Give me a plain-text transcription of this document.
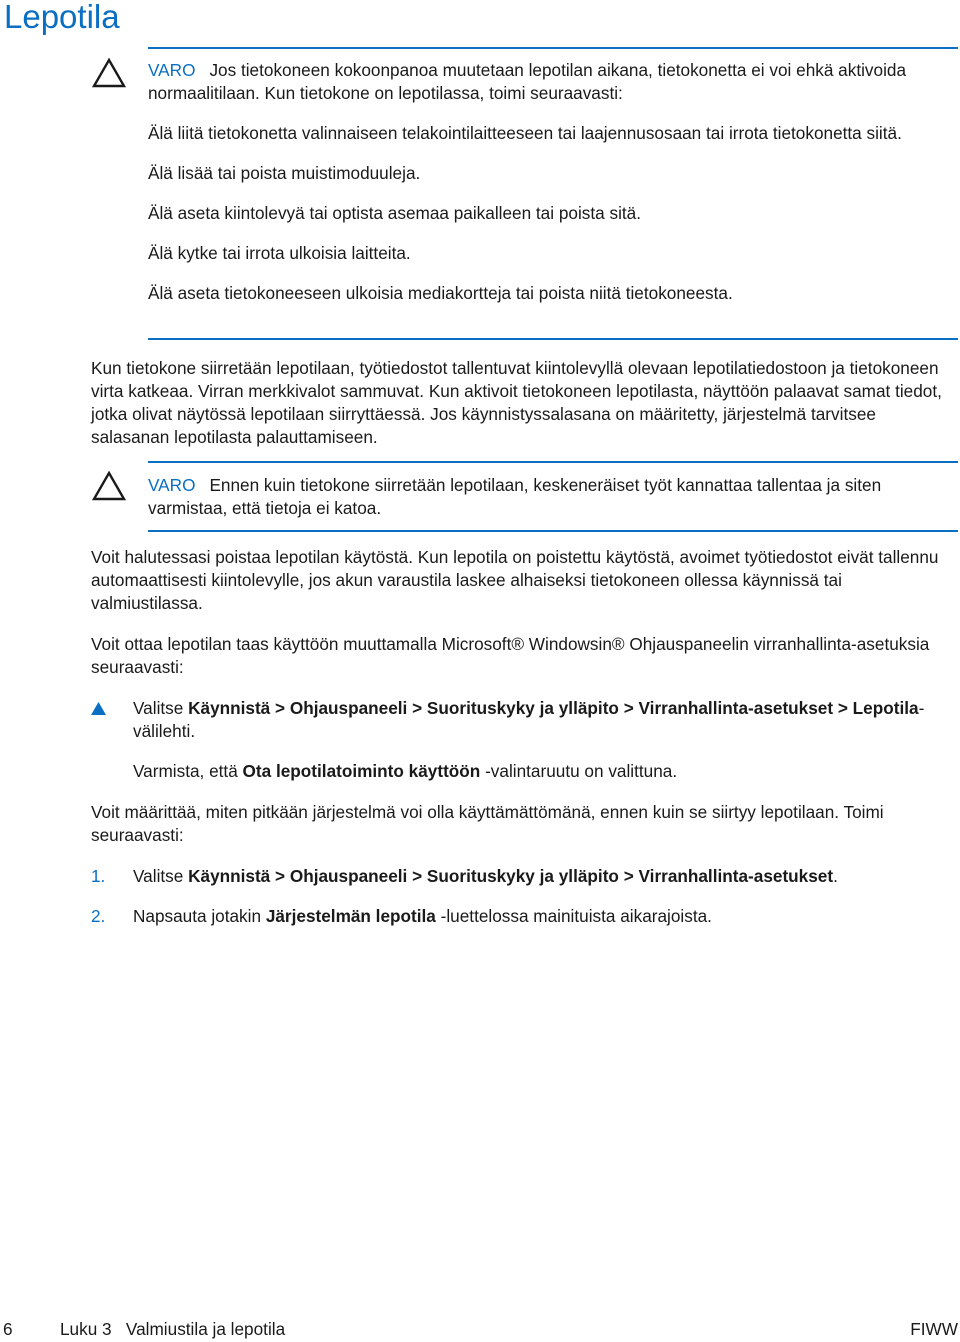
Lepotila

VARO Jos tietokoneen kokoonpanoa muutetaan lepotilan aikana, tietokonetta ei voi ehkä aktivoida normaalitilaan. Kun tietokone on lepotilassa, toimi seuraavasti:

Älä liitä tietokonetta valinnaiseen telakointilaitteeseen tai laajennusosaan tai irrota tietokonetta siitä.

Älä lisää tai poista muistimoduuleja.

Älä aseta kiintolevyä tai optista asemaa paikalleen tai poista sitä.

Älä kytke tai irrota ulkoisia laitteita.

Älä aseta tietokoneeseen ulkoisia mediakortteja tai poista niitä tietokoneesta.

Kun tietokone siirretään lepotilaan, työtiedostot tallentuvat kiintolevyllä olevaan lepotilatiedostoon ja tietokoneen virta katkeaa. Virran merkkivalot sammuvat. Kun aktivoit tietokoneen lepotilasta, näyttöön palaavat samat tiedot, jotka olivat näytössä lepotilaan siirryttäessä. Jos käynnistyssalasana on määritetty, järjestelmä tarvitsee salasanan lepotilasta palauttamiseen.

VARO Ennen kuin tietokone siirretään lepotilaan, keskeneräiset työt kannattaa tallentaa ja siten varmistaa, että tietoja ei katoa.

Voit halutessasi poistaa lepotilan käytöstä. Kun lepotila on poistettu käytöstä, avoimet työtiedostot eivät tallennu automaattisesti kiintolevylle, jos akun varaustila laskee alhaiseksi tietokoneen ollessa käynnissä tai valmiustilassa.

Voit ottaa lepotilan taas käyttöön muuttamalla Microsoft® Windowsin® Ohjauspaneelin virranhallinta-asetuksia seuraavasti:

Valitse Käynnistä > Ohjauspaneeli > Suorituskyky ja ylläpito > Virranhallinta-asetukset > Lepotila-välilehti.
Varmista, että Ota lepotilatoiminto käyttöön -valintaruutu on valittuna.

Voit määrittää, miten pitkään järjestelmä voi olla käyttämättömänä, ennen kuin se siirtyy lepotilaan. Toimi seuraavasti:

1. Valitse Käynnistä > Ohjauspaneeli > Suorituskyky ja ylläpito > Virranhallinta-asetukset.
2. Napsauta jotakin Järjestelmän lepotila -luettelossa mainituista aikarajoista.
6	Luku 3   Valmiustila ja lepotila	FIWW
